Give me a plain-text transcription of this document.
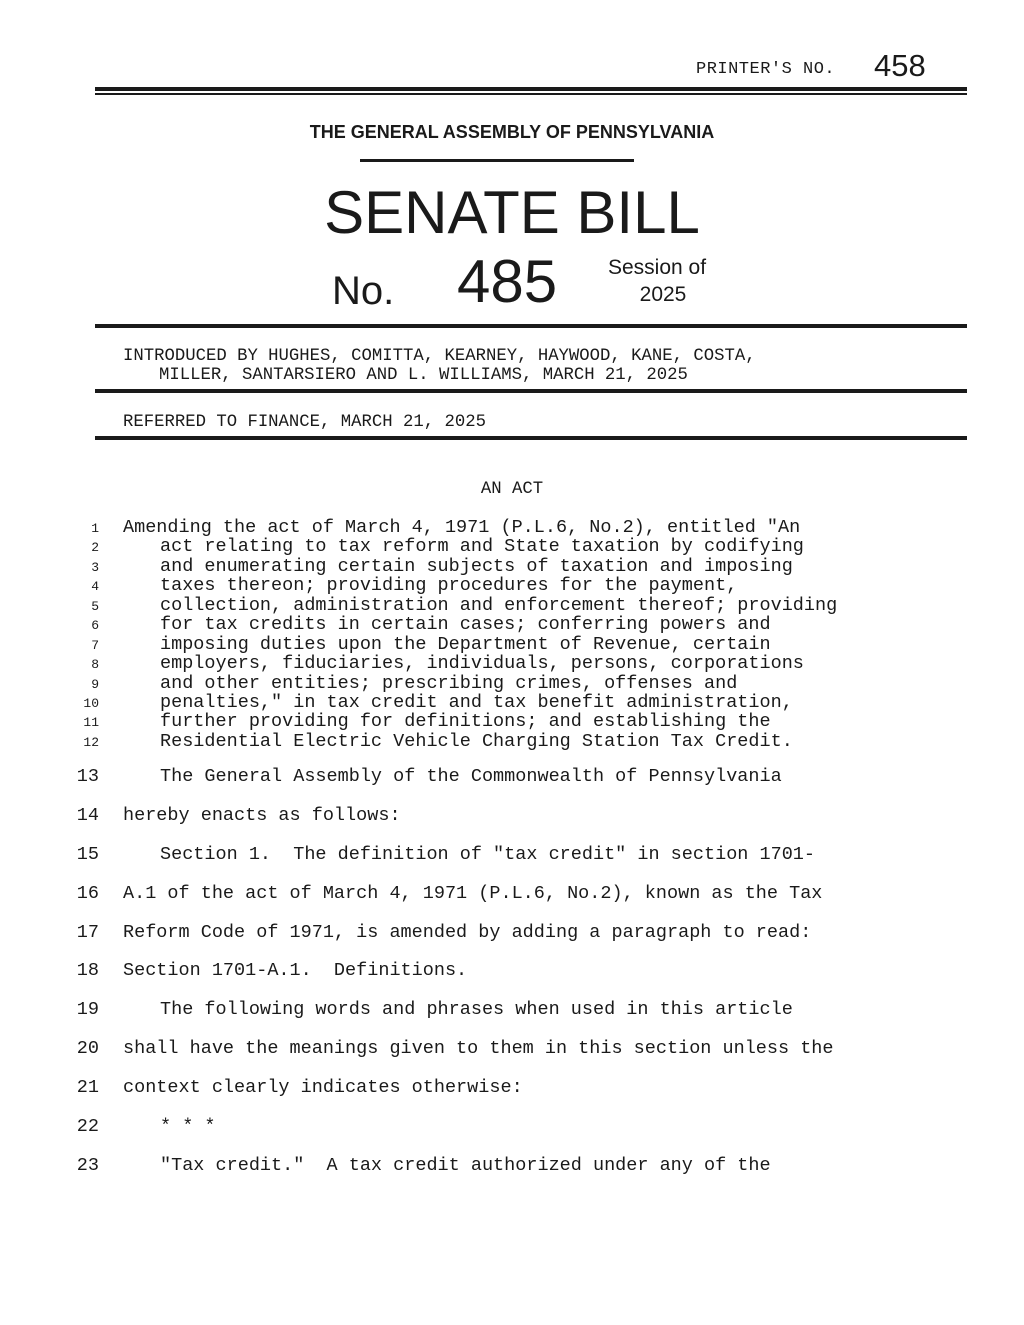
PRINTER'S NO. 458
THE GENERAL ASSEMBLY OF PENNSYLVANIA
SENATE BILL
No. 485 Session of
2025
INTRODUCED BY HUGHES, COMITTA, KEARNEY, HAYWOOD, KANE, COSTA,
MILLER, SANTARSIERO AND L. WILLIAMS, MARCH 21, 2025
REFERRED TO FINANCE, MARCH 21, 2025
AN ACT
1 Amending the act of March 4, 1971 (P.L.6, No.2), entitled "An
2	act relating to tax reform and State taxation by codifying
3	and enumerating certain subjects of taxation and imposing
4	taxes thereon; providing procedures for the payment,
5	collection, administration and enforcement thereof; providing
6	for tax credits in certain cases; conferring powers and
7	imposing duties upon the Department of Revenue, certain
8	employers, fiduciaries, individuals, persons, corporations
9	and other entities; prescribing crimes, offenses and
10	penalties," in tax credit and tax benefit administration,
11	further providing for definitions; and establishing the
12	Residential Electric Vehicle Charging Station Tax Credit.
13	The General Assembly of the Commonwealth of Pennsylvania
14 hereby enacts as follows:
15	Section 1.  The definition of "tax credit" in section 1701-
16 A.1 of the act of March 4, 1971 (P.L.6, No.2), known as the Tax
17 Reform Code of 1971, is amended by adding a paragraph to read:
18 Section 1701-A.1.  Definitions.
19	The following words and phrases when used in this article
20 shall have the meanings given to them in this section unless the
21 context clearly indicates otherwise:
22	* * *
23	"Tax credit."  A tax credit authorized under any of the
